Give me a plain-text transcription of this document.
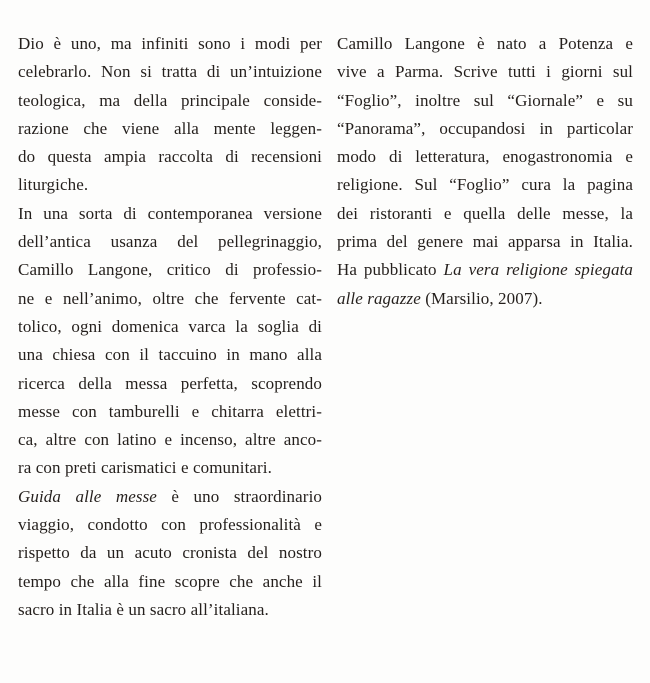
Dio è uno, ma infiniti sono i modi per
celebrarlo. Non si tratta di un’intuizione
teologica, ma della principale conside-
razione che viene alla mente leggen-
do questa ampia raccolta di recensioni
liturgiche.
In una sorta di contemporanea versione
dell’antica usanza del pellegrinaggio,
Camillo Langone, critico di professio-
ne e nell’animo, oltre che fervente cat-
tolico, ogni domenica varca la soglia di
una chiesa con il taccuino in mano alla
ricerca della messa perfetta, scoprendo
messe con tamburelli e chitarra elettri-
ca, altre con latino e incenso, altre anco-
ra con preti carismatici e comunitari.
Guida alle messe è uno straordinario
viaggio, condotto con professionalità e
rispetto da un acuto cronista del nostro
tempo che alla fine scopre che anche il
sacro in Italia è un sacro all’italiana.
Camillo Langone è nato a Potenza e
vive a Parma. Scrive tutti i giorni sul
“Foglio”, inoltre sul “Giornale” e su
“Panorama”, occupandosi in particolar
modo di letteratura, enogastronomia e
religione. Sul “Foglio” cura la pagina
dei ristoranti e quella delle messe, la
prima del genere mai apparsa in Italia.
Ha pubblicato La vera religione spiegata
alle ragazze (Marsilio, 2007).
